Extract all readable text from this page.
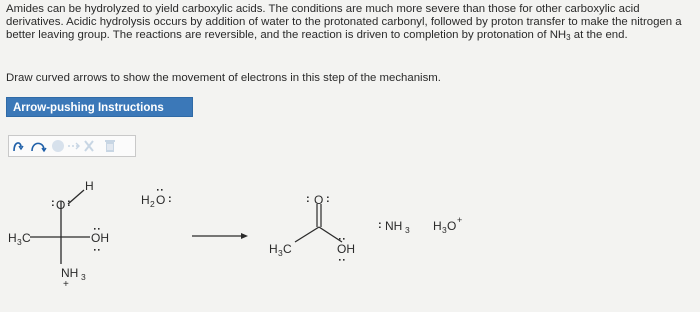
Amides can be hydrolyzed to yield carboxylic acids. The conditions are much more severe than those for other carboxylic acid derivatives. Acidic hydrolysis occurs by addition of water to the protonated carbonyl, followed by proton transfer to make the nitrogen a better leaving group. The reactions are reversible, and the reaction is driven to completion by protonation of $NH_3$ at the end.

Draw curved arrows to show the movement of electrons in this step of the mechanism.

Arrow-pushing Instructions
H
O
: :
H 3 C	OH
:
:
NH 3
+
H 2 O :
:
O
: :
H 3 C	OH
:
:
: NH 3 H 3 O +
